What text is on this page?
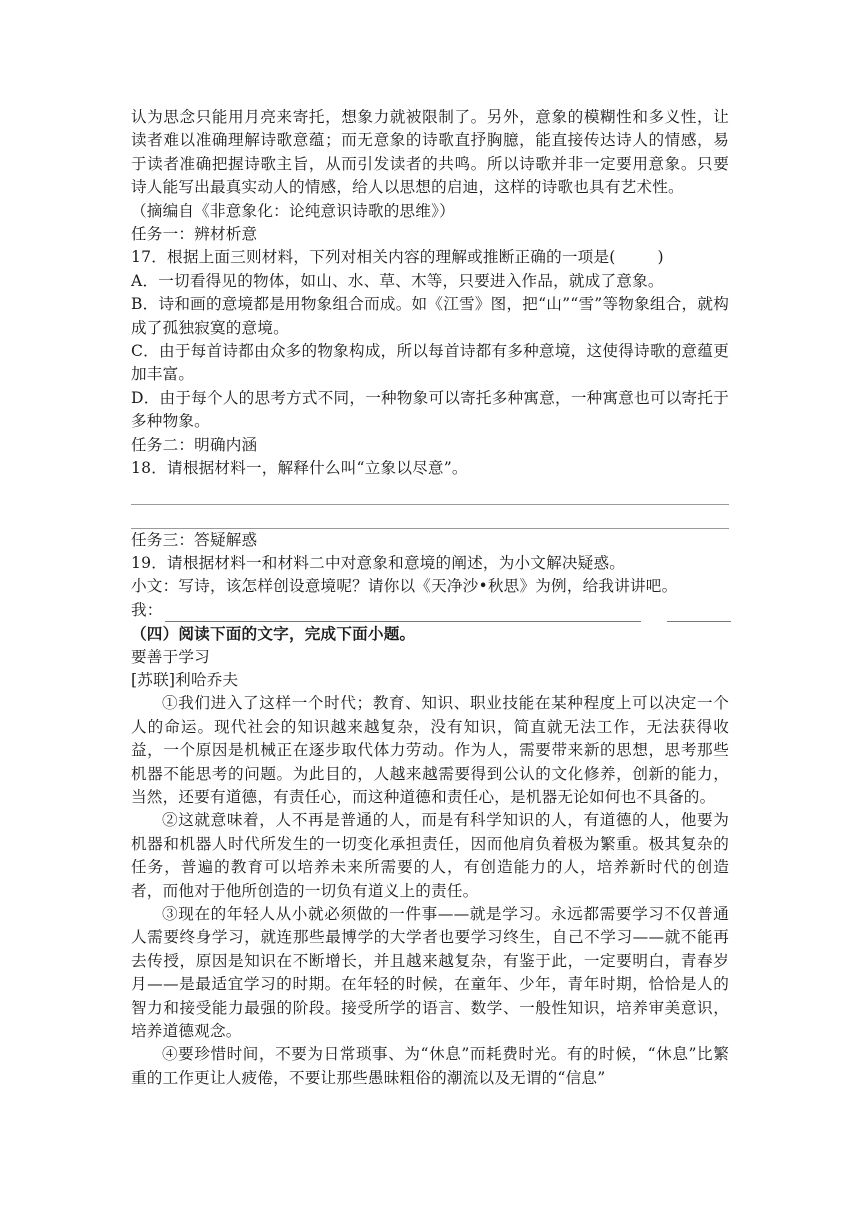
认为思念只能用月亮来寄托，想象力就被限制了。另外，意象的模糊性和多义性，让读者难以准确理解诗歌意蕴；而无意象的诗歌直抒胸臆，能直接传达诗人的情感，易于读者准确把握诗歌主旨，从而引发读者的共鸣。所以诗歌并非一定要用意象。只要诗人能写出最真实动人的情感，给人以思想的启迪，这样的诗歌也具有艺术性。

（摘编自《非意象化：论纯意识诗歌的思维》）

任务一：辨材析意

17．根据上面三则材料，下列对相关内容的理解或推断正确的一项是(	)

A．一切看得见的物体，如山、水、草、木等，只要进入作品，就成了意象。

B．诗和画的意境都是用物象组合而成。如《江雪》图，把“山”“雪”等物象组合，就构成了孤独寂寞的意境。

C．由于每首诗都由众多的物象构成，所以每首诗都有多种意境，这使得诗歌的意蕴更加丰富。

D．由于每个人的思考方式不同，一种物象可以寄托多种寓意，一种寓意也可以寄托于多种物象。

任务二：明确内涵

18．请根据材料一，解释什么叫“立象以尽意”。

任务三：答疑解惑

19．请根据材料一和材料二中对意象和意境的阐述，为小文解决疑惑。

小文：写诗，该怎样创设意境呢？请你以《天净沙•秋思》为例，给我讲讲吧。

我：

（四）阅读下面的文字，完成下面小题。

要善于学习

[苏联]利哈乔夫

①我们进入了这样一个时代；教育、知识、职业技能在某种程度上可以决定一个人的命运。现代社会的知识越来越复杂，没有知识，简直就无法工作，无法获得收益，一个原因是机械正在逐步取代体力劳动。作为人，需要带来新的思想，思考那些机器不能思考的问题。为此目的，人越来越需要得到公认的文化修养，创新的能力，当然，还要有道德，有责任心，而这种道德和责任心，是机器无论如何也不具备的。

②这就意味着，人不再是普通的人，而是有科学知识的人，有道德的人，他要为机器和机器人时代所发生的一切变化承担责任，因而他肩负着极为繁重。极其复杂的任务，普遍的教育可以培养未来所需要的人，有创造能力的人，培养新时代的创造者，而他对于他所创造的一切负有道义上的责任。

③现在的年轻人从小就必须做的一件事——就是学习。永远都需要学习不仅普通人需要终身学习，就连那些最博学的大学者也要学习终生，自己不学习——就不能再去传授，原因是知识在不断增长，并且越来越复杂，有鉴于此，一定要明白，青春岁月——是最适宜学习的时期。在年轻的时候，在童年、少年，青年时期，恰恰是人的智力和接受能力最强的阶段。接受所学的语言、数学、一般性知识，培养审美意识，培养道德观念。

④要珍惜时间，不要为日常琐事、为“休息”而耗费时光。有的时候，“休息”比繁重的工作更让人疲倦，不要让那些愚昧粗俗的潮流以及无谓的“信息”
